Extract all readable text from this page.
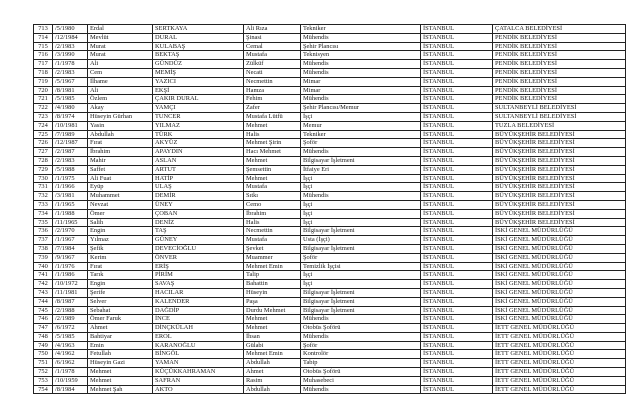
713	/5/1980	Erdal	SERTKAYA	Ali Rıza	Tekniker	İSTANBUL	ÇATALCA BELEDİYESİ
714	/12/1984	Mevlüt	DURAL	Şinasi	Mühendis	İSTANBUL	PENDİK BELEDİYESİ
715	/2/1983	Murat	KULABAŞ	Cemal	Şehir Plancısı	İSTANBUL	PENDİK BELEDİYESİ
716	/3/1990	Murat	BEKTAŞ	Mustafa	Teknisyen	İSTANBUL	PENDİK BELEDİYESİ
717	/1/1978	Ali	GÜNDÜZ	Zülküf	Mühendis	İSTANBUL	PENDİK BELEDİYESİ
718	/2/1983	Cem	MEMİŞ	Necati	Mühendis	İSTANBUL	PENDİK BELEDİYESİ
719	/5/1967	İlhame	YAZICI	Necmettin	Mimar	İSTANBUL	PENDİK BELEDİYESİ
720	/8/1981	Ali	EKŞİ	Hamza	Mimar	İSTANBUL	PENDİK BELEDİYESİ
721	/5/1985	Özlem	ÇAKIR DURAL	Fehim	Mühendis	İSTANBUL	PENDİK BELEDİYESİ
722	/4/1980	Akay	YAMÇI	Zafer	Şehir Plancısı/Memur	İSTANBUL	SULTANBEYLİ BELEDİYESİ
723	/8/1974	Hüseyin Gürhan	TUNCER	Mustafa Lütfü	İşçi	İSTANBUL	SULTANBEYLİ BELEDİYESİ
724	/10/1981	Yasin	YILMAZ	Mehmet	Memur	İSTANBUL	TUZLA BELEDİYESİ
725	/7/1989	Abdullah	TÜRK	Halis	Tekniker	İSTANBUL	BÜYÜKŞEHİR BELEDİYESİ
726	/12/1987	Fırat	AKYÜZ	Mehmet Şirin	Şoför	İSTANBUL	BÜYÜKŞEHİR BELEDİYESİ
727	/2/1987	İbrahim	APAYDIN	Hacı Mehmet	Mühendis	İSTANBUL	BÜYÜKŞEHİR BELEDİYESİ
728	/2/1983	Mahir	ASLAN	Mehmet	Bilgisayar İşletmeni	İSTANBUL	BÜYÜKŞEHİR BELEDİYESİ
729	/5/1988	Saffet	ARTUT	Şemsettin	İtfaiye Eri	İSTANBUL	BÜYÜKŞEHİR BELEDİYESİ
730	/1/1975	Ali Fuat	HATİP	Mehmet	İşçi	İSTANBUL	BÜYÜKŞEHİR BELEDİYESİ
731	/1/1966	Eyüp	ULAŞ	Mustafa	İşçi	İSTANBUL	BÜYÜKŞEHİR BELEDİYESİ
732	/3/1981	Muhammet	DEMİR	Sıtkı	Mühendis	İSTANBUL	BÜYÜKŞEHİR BELEDİYESİ
733	/1/1965	Nevzat	ÜNEY	Cemo	İşçi	İSTANBUL	BÜYÜKŞEHİR BELEDİYESİ
734	/1/1988	Ömer	ÇOBAN	İbrahim	İşçi	İSTANBUL	BÜYÜKŞEHİR BELEDİYESİ
735	/11/1965	Salih	DENİZ	Halis	İşçi	İSTANBUL	BÜYÜKŞEHİR BELEDİYESİ
736	/2/1970	Engin	TAŞ	Necmettin	Bilgisayar İşletmeni	İSTANBUL	İSKİ GENEL MÜDÜRLÜĞÜ
737	/1/1967	Yılmaz	GÜNEY	Mustafa	Usta (İşçi)	İSTANBUL	İSKİ GENEL MÜDÜRLÜĞÜ
738	/7/1984	Şefik	DEVECİOĞLU	Şevket	Bilgisayar İşletmeni	İSTANBUL	İSKİ GENEL MÜDÜRLÜĞÜ
739	/9/1967	Kerim	ÖNVER	Muammer	Şoför	İSTANBUL	İSKİ GENEL MÜDÜRLÜĞÜ
740	/1/1976	Fırat	ERİŞ	Mehmet Emin	Temizlik İşçisi	İSTANBUL	İSKİ GENEL MÜDÜRLÜĞÜ
741	/1/1986	Tarık	PİRİM	Talip	İşçi	İSTANBUL	İSKİ GENEL MÜDÜRLÜĞÜ
742	/10/1972	Engin	SAVAŞ	Bahattin	İşçi	İSTANBUL	İSKİ GENEL MÜDÜRLÜĞÜ
743	/11/1981	Şerife	HACILAR	Hüseyin	Bilgisayar İşletmeni	İSTANBUL	İSKİ GENEL MÜDÜRLÜĞÜ
744	/8/1987	Selver	KALENDER	Paşa	Bilgisayar İşletmeni	İSTANBUL	İSKİ GENEL MÜDÜRLÜĞÜ
745	/2/1988	Sebahat	DAĞDİP	Durdu Mehmet	Bilgisayar İşletmeni	İSTANBUL	İSKİ GENEL MÜDÜRLÜĞÜ
746	/2/1989	Ömer Faruk	İNCE	Mehmet	Mühendis	İSTANBUL	İSKİ GENEL MÜDÜRLÜĞÜ
747	/6/1972	Ahmet	DİNÇKÜLAH	Mehmet	Otobüs Şoförü	İSTANBUL	İETT GENEL MÜDÜRLÜĞÜ
748	/5/1985	Bahtiyar	EROL	İhsan	Mühendis	İSTANBUL	İETT GENEL MÜDÜRLÜĞÜ
749	/4/1963	Emin	KARANOĞLU	Gülabi	Şoför	İSTANBUL	İETT GENEL MÜDÜRLÜĞÜ
750	/4/1962	Fetullah	BİNGÖL	Mehmet Emin	Kontrolör	İSTANBUL	İETT GENEL MÜDÜRLÜĞÜ
751	/6/1962	Hüseyin Gazi	YAMAN	Abdullah	Tabip	İSTANBUL	İETT GENEL MÜDÜRLÜĞÜ
752	/1/1978	Mehmet	KÜÇÜKKAHRAMAN	Ahmet	Otobüs Şoförü	İSTANBUL	İETT GENEL MÜDÜRLÜĞÜ
753	/10/1959	Mehmet	SAFRAN	Rasim	Muhasebeci	İSTANBUL	İETT GENEL MÜDÜRLÜĞÜ
754	/8/1984	Mehmet Şah	AKTO	Abdullah	Mühendis	İSTANBUL	İETT GENEL MÜDÜRLÜĞÜ
